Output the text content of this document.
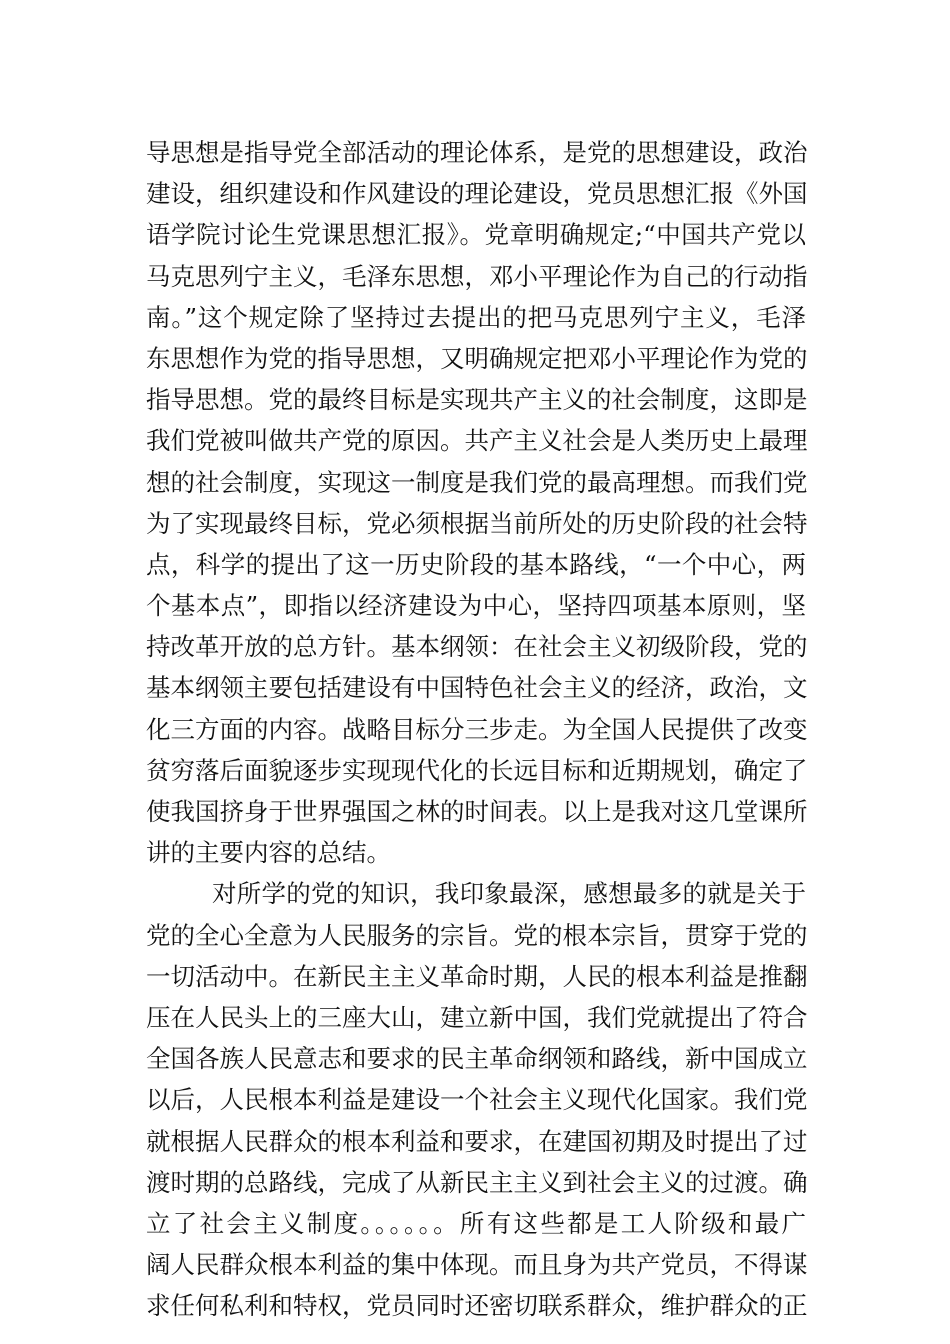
导思想是指导党全部活动的理论体系，是党的思想建设，政治
建设，组织建设和作风建设的理论建设，党员思想汇报《外国
语学院讨论生党课思想汇报》。党章明确规定;“中国共产党以
马克思列宁主义，毛泽东思想，邓小平理论作为自己的行动指
南。”这个规定除了坚持过去提出的把马克思列宁主义，毛泽
东思想作为党的指导思想，又明确规定把邓小平理论作为党的
指导思想。党的最终目标是实现共产主义的社会制度，这即是
我们党被叫做共产党的原因。共产主义社会是人类历史上最理
想的社会制度，实现这一制度是我们党的最高理想。而我们党
为了实现最终目标，党必须根据当前所处的历史阶段的社会特
点，科学的提出了这一历史阶段的基本路线，“一个中心，两
个基本点”，即指以经济建设为中心，坚持四项基本原则，坚
持改革开放的总方针。基本纲领：在社会主义初级阶段，党的
基本纲领主要包括建设有中国特色社会主义的经济，政治，文
化三方面的内容。战略目标分三步走。为全国人民提供了改变
贫穷落后面貌逐步实现现代化的长远目标和近期规划，确定了
使我国挤身于世界强国之林的时间表。以上是我对这几堂课所
讲的主要内容的总结。
对所学的党的知识，我印象最深，感想最多的就是关于
党的全心全意为人民服务的宗旨。党的根本宗旨，贯穿于党的
一切活动中。在新民主主义革命时期，人民的根本利益是推翻
压在人民头上的三座大山，建立新中国，我们党就提出了符合
全国各族人民意志和要求的民主革命纲领和路线，新中国成立
以后，人民根本利益是建设一个社会主义现代化国家。我们党
就根据人民群众的根本利益和要求，在建国初期及时提出了过
渡时期的总路线，完成了从新民主主义到社会主义的过渡。确
立了社会主义制度。。。。。。所有这些都是工人阶级和最广
阔人民群众根本利益的集中体现。而且身为共产党员，不得谋
求任何私利和特权，党员同时还密切联系群众，维护群众的正
